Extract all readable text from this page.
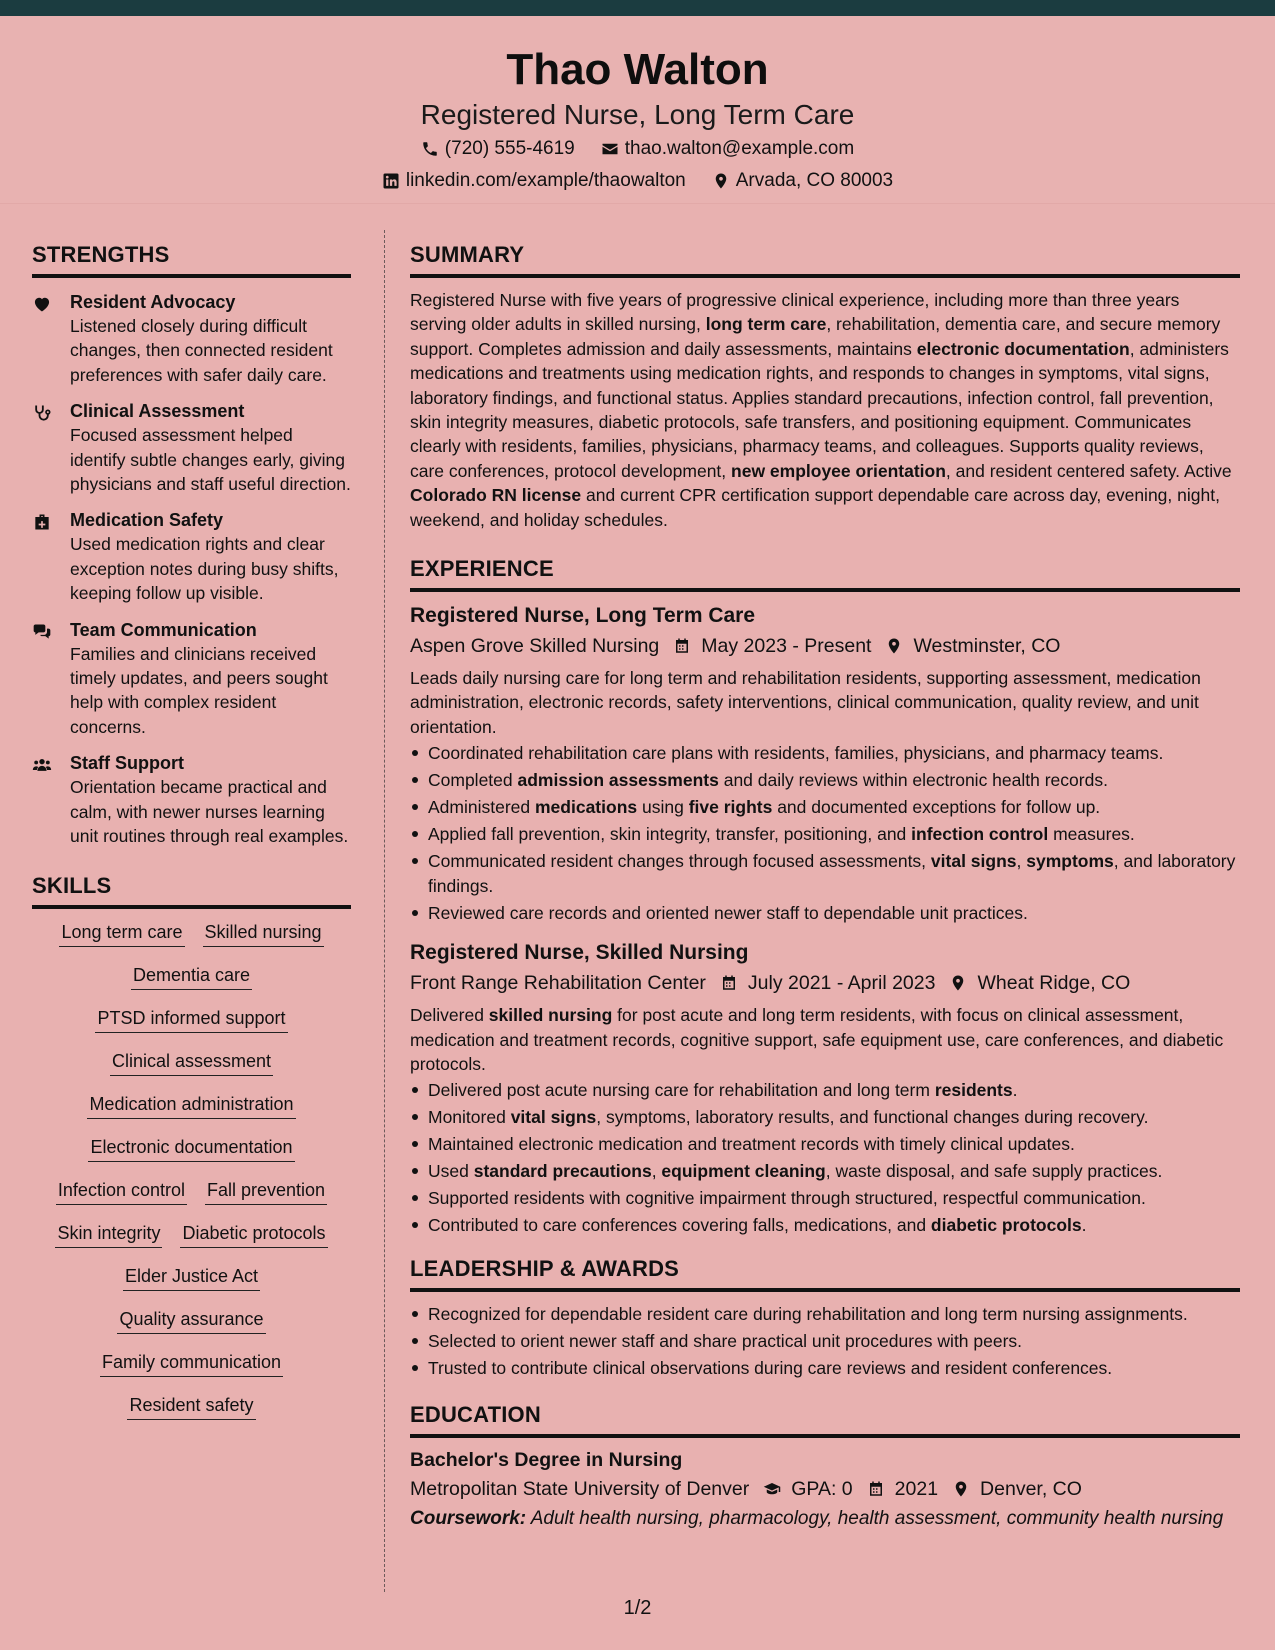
Thao Walton
Registered Nurse, Long Term Care
(720) 555-4619	thao.walton@example.com
linkedin.com/example/thaowalton	Arvada, CO 80003
STRENGTHS
Resident Advocacy
Listened closely during difficult changes, then connected resident preferences with safer daily care.
Clinical Assessment
Focused assessment helped identify subtle changes early, giving physicians and staff useful direction.
Medication Safety
Used medication rights and clear exception notes during busy shifts, keeping follow up visible.
Team Communication
Families and clinicians received timely updates, and peers sought help with complex resident concerns.
Staff Support
Orientation became practical and calm, with newer nurses learning unit routines through real examples.
SKILLS
Long term care Skilled nursing
Dementia care
PTSD informed support
Clinical assessment
Medication administration
Electronic documentation
Infection control Fall prevention
Skin integrity Diabetic protocols
Elder Justice Act
Quality assurance
Family communication
Resident safety
SUMMARY

Registered Nurse with five years of progressive clinical experience, including more than three years serving older adults in skilled nursing, long term care, rehabilitation, dementia care, and secure memory support. Completes admission and daily assessments, maintains electronic documentation, administers medications and treatments using medication rights, and responds to changes in symptoms, vital signs, laboratory findings, and functional status. Applies standard precautions, infection control, fall prevention, skin integrity measures, diabetic protocols, safe transfers, and positioning equipment. Communicates clearly with residents, families, physicians, pharmacy teams, and colleagues. Supports quality reviews, care conferences, protocol development, new employee orientation, and resident centered safety. Active Colorado RN license and current CPR certification support dependable care across day, evening, night, weekend, and holiday schedules.

EXPERIENCE
Registered Nurse, Long Term Care
Aspen Grove Skilled Nursing May 2023 - Present Westminster, CO
Leads daily nursing care for long term and rehabilitation residents, supporting assessment, medication administration, electronic records, safety interventions, clinical communication, quality review, and unit orientation.
Coordinated rehabilitation care plans with residents, families, physicians, and pharmacy teams.
Completed admission assessments and daily reviews within electronic health records.
Administered medications using five rights and documented exceptions for follow up.
Applied fall prevention, skin integrity, transfer, positioning, and infection control measures.
Communicated resident changes through focused assessments, vital signs, symptoms, and laboratory findings.
Reviewed care records and oriented newer staff to dependable unit practices.
Registered Nurse, Skilled Nursing
Front Range Rehabilitation Center July 2021 - April 2023 Wheat Ridge, CO
Delivered skilled nursing for post acute and long term residents, with focus on clinical assessment, medication and treatment records, cognitive support, safe equipment use, care conferences, and diabetic protocols.
Delivered post acute nursing care for rehabilitation and long term residents.
Monitored vital signs, symptoms, laboratory results, and functional changes during recovery.
Maintained electronic medication and treatment records with timely clinical updates.
Used standard precautions, equipment cleaning, waste disposal, and safe supply practices.
Supported residents with cognitive impairment through structured, respectful communication.
Contributed to care conferences covering falls, medications, and diabetic protocols.
LEADERSHIP & AWARDS
Recognized for dependable resident care during rehabilitation and long term nursing assignments.
Selected to orient newer staff and share practical unit procedures with peers.
Trusted to contribute clinical observations during care reviews and resident conferences.
EDUCATION
Bachelor's Degree in Nursing
Metropolitan State University of Denver GPA: 0 2021 Denver, CO
Coursework: Adult health nursing, pharmacology, health assessment, community health nursing
1/2
